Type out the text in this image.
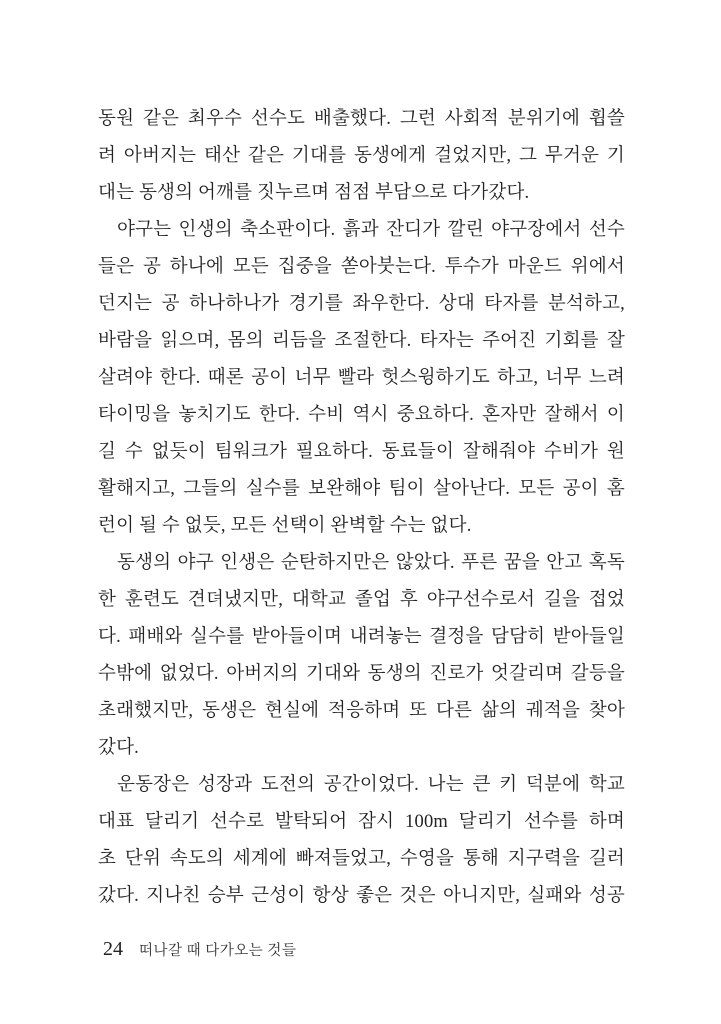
동원 같은 최우수 선수도 배출했다. 그런 사회적 분위기에 휩쓸
려 아버지는 태산 같은 기대를 동생에게 걸었지만, 그 무거운 기
대는 동생의 어깨를 짓누르며 점점 부담으로 다가갔다.
야구는 인생의 축소판이다. 흙과 잔디가 깔린 야구장에서 선수
들은 공 하나에 모든 집중을 쏟아붓는다. 투수가 마운드 위에서
던지는 공 하나하나가 경기를 좌우한다. 상대 타자를 분석하고,
바람을 읽으며, 몸의 리듬을 조절한다. 타자는 주어진 기회를 잘
살려야 한다. 때론 공이 너무 빨라 헛스윙하기도 하고, 너무 느려
타이밍을 놓치기도 한다. 수비 역시 중요하다. 혼자만 잘해서 이
길 수 없듯이 팀워크가 필요하다. 동료들이 잘해줘야 수비가 원
활해지고, 그들의 실수를 보완해야 팀이 살아난다. 모든 공이 홈
런이 될 수 없듯, 모든 선택이 완벽할 수는 없다.
동생의 야구 인생은 순탄하지만은 않았다. 푸른 꿈을 안고 혹독
한 훈련도 견뎌냈지만, 대학교 졸업 후 야구선수로서 길을 접었
다. 패배와 실수를 받아들이며 내려놓는 결정을 담담히 받아들일
수밖에 없었다. 아버지의 기대와 동생의 진로가 엇갈리며 갈등을
초래했지만, 동생은 현실에 적응하며 또 다른 삶의 궤적을 찾아
갔다.
운동장은 성장과 도전의 공간이었다. 나는 큰 키 덕분에 학교
대표 달리기 선수로 발탁되어 잠시 100m 달리기 선수를 하며
초 단위 속도의 세계에 빠져들었고, 수영을 통해 지구력을 길러
갔다. 지나친 승부 근성이 항상 좋은 것은 아니지만, 실패와 성공
24 떠나갈 때 다가오는 것들
